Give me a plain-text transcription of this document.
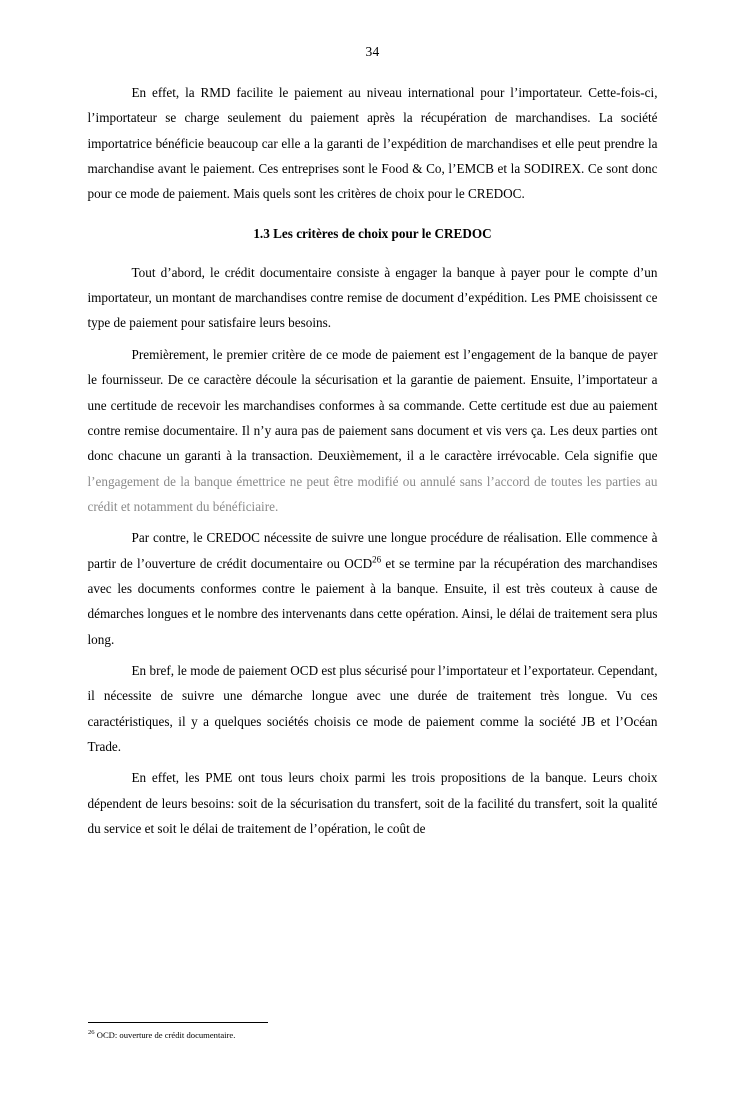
34

En effet, la RMD facilite le paiement au niveau international pour l’importateur. Cette-fois-ci, l’importateur se charge seulement du paiement après la récupération de marchandises. La société importatrice bénéficie beaucoup car elle a la garanti de l’expédition de marchandises et elle peut prendre la marchandise avant le paiement. Ces entreprises sont le Food & Co, l’EMCB et la SODIREX. Ce sont donc pour ce mode de paiement. Mais quels sont les critères de choix pour le CREDOC.

1.3 Les critères de choix pour le CREDOC

Tout d’abord, le crédit documentaire consiste à engager la banque à payer pour le compte d’un importateur, un montant de marchandises contre remise de document d’expédition. Les PME choisissent ce type de paiement pour satisfaire leurs besoins.

Premièrement, le premier critère de ce mode de paiement est l’engagement de la banque de payer le fournisseur. De ce caractère découle la sécurisation et la garantie de paiement. Ensuite, l’importateur a une certitude de recevoir les marchandises conformes à sa commande. Cette certitude est due au paiement contre remise documentaire. Il n’y aura pas de paiement sans document et vis vers ça. Les deux parties ont donc chacune un garanti à la transaction. Deuxièmement, il a le caractère irrévocable. Cela signifie que l’engagement de la banque émettrice ne peut être modifié ou annulé sans l’accord de toutes les parties au crédit et notamment du bénéficiaire.

Par contre, le CREDOC nécessite de suivre une longue procédure de réalisation. Elle commence à partir de l’ouverture de crédit documentaire ou OCD$^{26}$ et se termine par la récupération des marchandises avec les documents conformes contre le paiement à la banque. Ensuite, il est très couteux à cause de démarches longues et le nombre des intervenants dans cette opération. Ainsi, le délai de traitement sera plus long.

En bref, le mode de paiement OCD est plus sécurisé pour l’importateur et l’exportateur. Cependant, il nécessite de suivre une démarche longue avec une durée de traitement très longue. Vu ces caractéristiques, il y a quelques sociétés choisis ce mode de paiement comme la société JB et l’Océan Trade.

En effet, les PME ont tous leurs choix parmi les trois propositions de la banque. Leurs choix dépendent de leurs besoins: soit de la sécurisation du transfert, soit de la facilité du transfert, soit la qualité du service et soit le délai de traitement de l’opération, le coût de

$^{26}$ OCD: ouverture de crédit documentaire.
